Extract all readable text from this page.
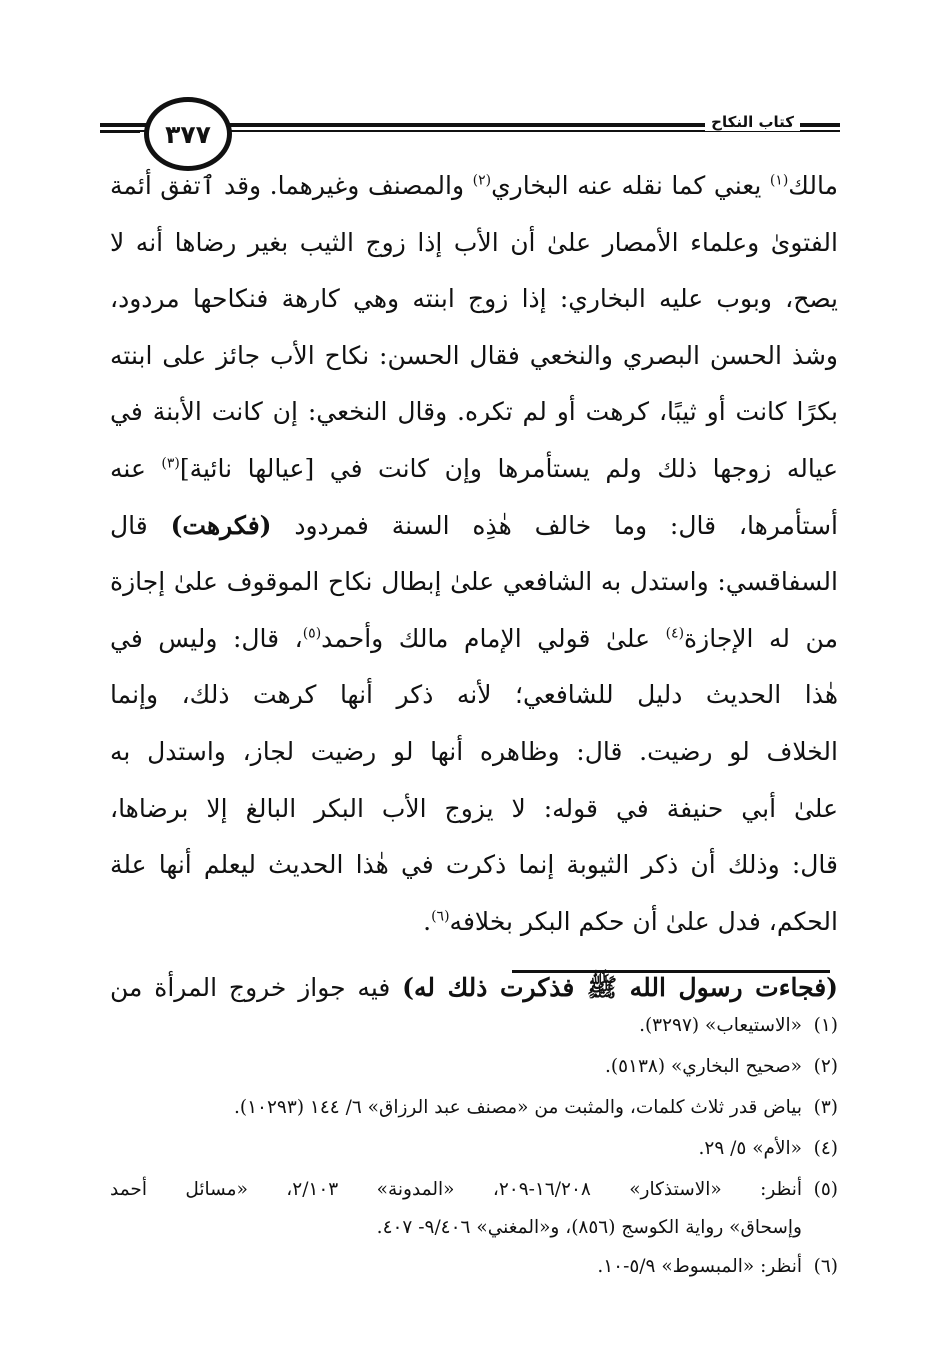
٣٧٧	كتاب النكاح
مالك$^{(١)}$ يعني كما نقله عنه البخاري$^{(٢)}$ والمصنف وغيرهما. وقد ٱتفق أئمة
الفتوىٰ وعلماء الأمصار علىٰ أن الأب إذا زوج الثيب بغير رضاها أنه لا
يصح، وبوب عليه البخاري: إذا زوج ابنته وهي كارهة فنكاحها مردود،
وشذ الحسن البصري والنخعي فقال الحسن: نكاح الأب جائز على ابنته
بكرًا كانت أو ثيبًا، كرهت أو لم تكره. وقال النخعي: إن كانت الأبنة في
عياله زوجها ذلك ولم يستأمرها وإن كانت في [عيالها نائية]$^{(٣)}$ عنه
أستأمرها، قال: وما خالف هٰذِه السنة فمردود (فكرهت) قال
السفاقسي: واستدل به الشافعي علىٰ إبطال نكاح الموقوف علىٰ إجازة
من له الإجازة$^{(٤)}$ علىٰ قولي الإمام مالك وأحمد$^{(٥)}$، قال: وليس في
هٰذا الحديث دليل للشافعي؛ لأنه ذكر أنها كرهت ذلك، وإنما
الخلاف لو رضيت. قال: وظاهره أنها لو رضيت لجاز، واستدل به
علىٰ أبي حنيفة في قوله: لا يزوج الأب البكر البالغ إلا برضاها،
قال: وذلك أن ذكر الثيوبة إنما ذكرت في هٰذا الحديث ليعلم أنها علة
الحكم، فدل علىٰ أن حكم البكر بخلافه$^{(٦)}$.
(فجاءت رسول الله ﷺ فذكرت ذلك له) فيه جواز خروج المرأة من
(١)«الاستيعاب» (٣٢٩٧).
(٢)«صحيح البخاري» (٥١٣٨).
(٣)بياض قدر ثلاث كلمات، والمثبت من «مصنف عبد الرزاق» ٦/ ١٤٤ (١٠٢٩٣).
(٤)«الأم» ٥/ ٢٩.
(٥)أنظر: «الاستذكار» ١٦/٢٠٨-٢٠٩، «المدونة» ٢/١٠٣، «مسائل أحمد
وإسحاق» رواية الكوسج (٨٥٦)، و«المغني» ٩/٤٠٦- ٤٠٧.
(٦)أنظر: «المبسوط» ٥/٩-١٠.
